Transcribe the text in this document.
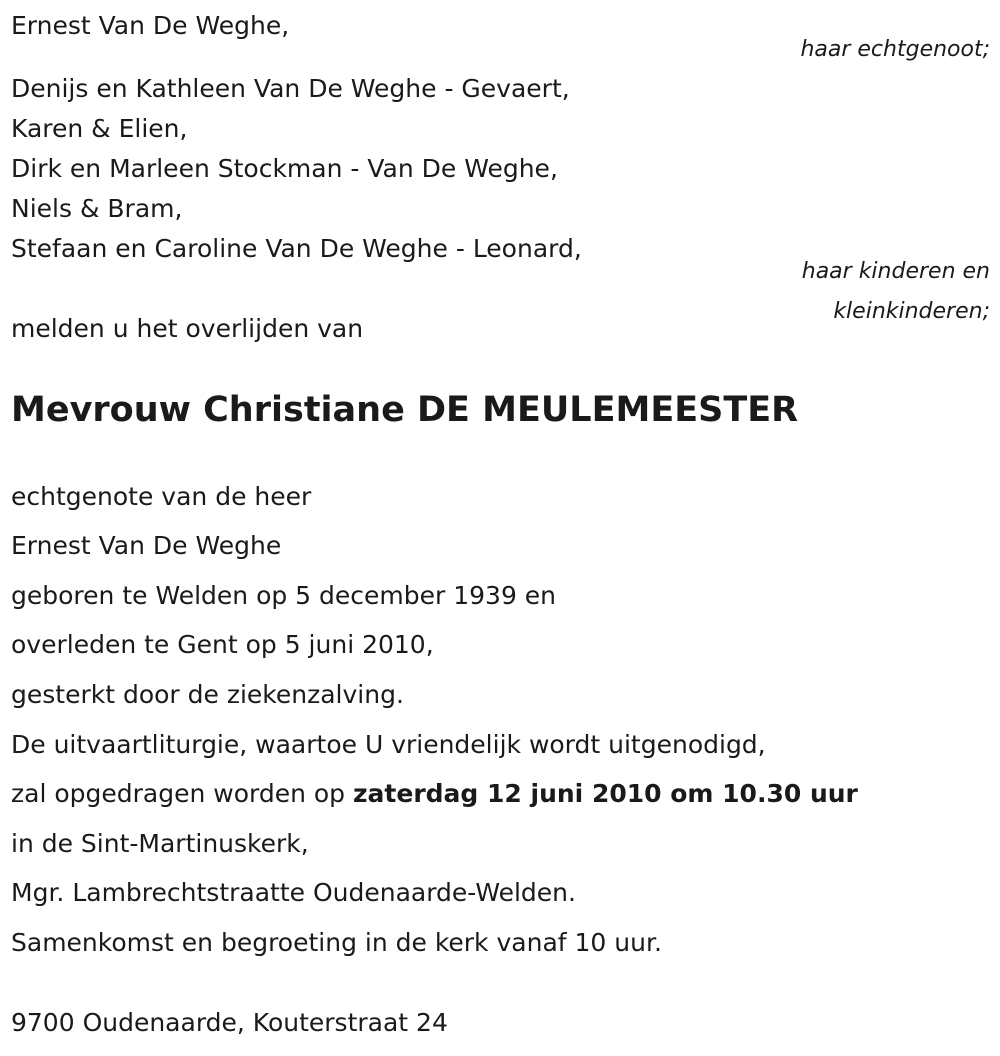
Ernest Van De Weghe,
haar echtgenoot;
Denijs en Kathleen Van De Weghe - Gevaert,
Karen & Elien,
Dirk en Marleen Stockman - Van De Weghe,
Niels & Bram,
Stefaan en Caroline Van De Weghe - Leonard,
haar kinderen en
kleinkinderen;
melden u het overlijden van
Mevrouw Christiane DE MEULEMEESTER
echtgenote van de heer
Ernest Van De Weghe
geboren te Welden op 5 december 1939 en
overleden te Gent op 5 juni 2010,
gesterkt door de ziekenzalving.
De uitvaartliturgie, waartoe U vriendelijk wordt uitgenodigd,
zal opgedragen worden op zaterdag 12 juni 2010 om 10.30 uur
in de Sint-Martinuskerk,
Mgr. Lambrechtstraatte Oudenaarde-Welden.
Samenkomst en begroeting in de kerk vanaf 10 uur.
9700 Oudenaarde, Kouterstraat 24
